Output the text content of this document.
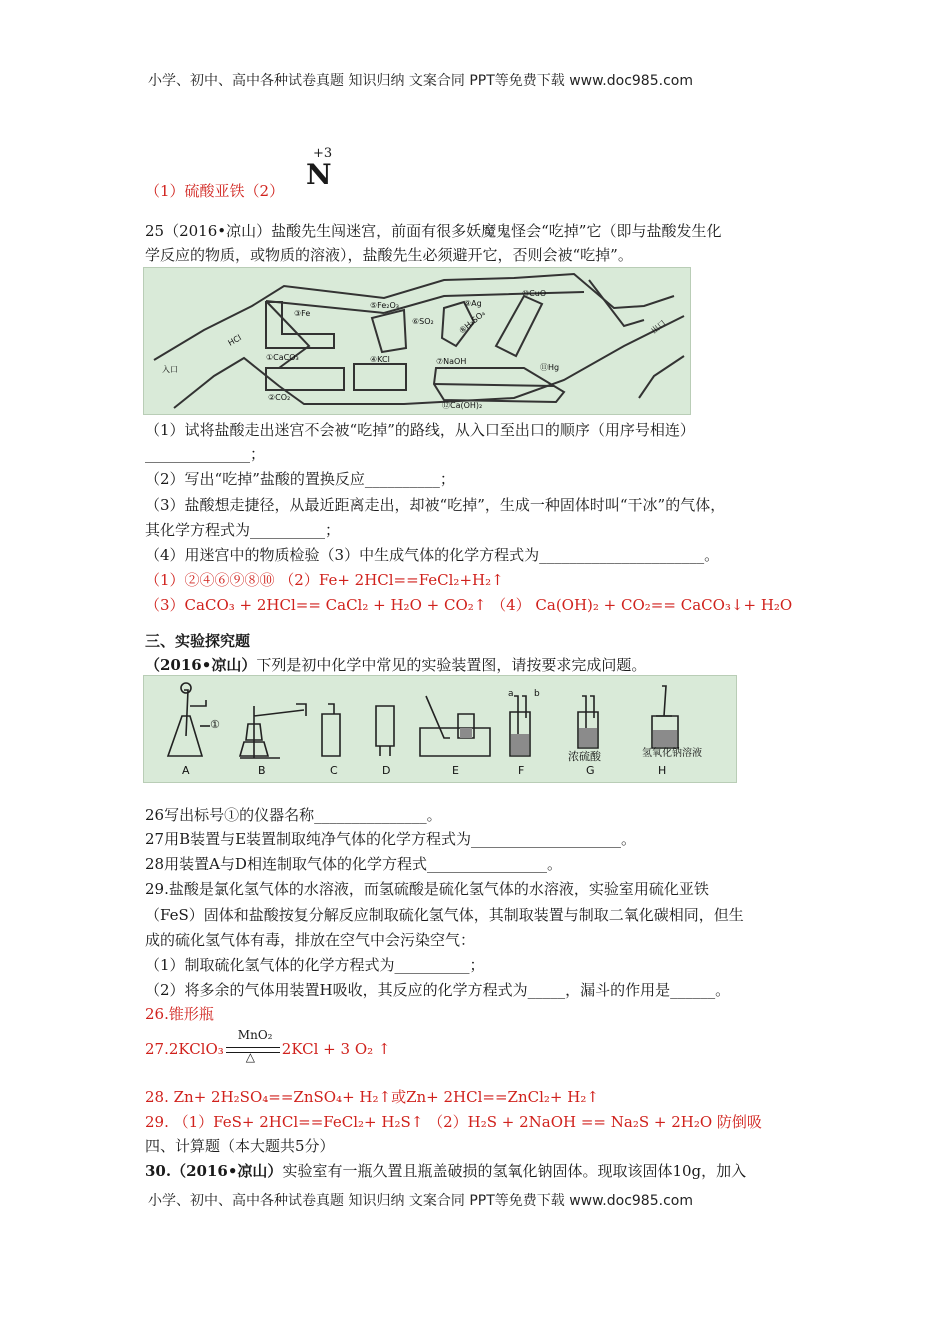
小学、初中、高中各种试卷真题 知识归纳 文案合同 PPT等免费下载 www.doc985.com
（1）硫酸亚铁（2）
+3
N
25（2016•凉山）盐酸先生闯迷宫，前面有很多妖魔鬼怪会“吃掉”它（即与盐酸发生化
学反应的物质，或物质的溶液），盐酸先生必须避开它，否则会被“吃掉”。
入口
出口
HCl
③Fe
⑤Fe₂O₃	⑨Ag
⑩CuO
⑥SO₂	⑧H₂SO₄
①CaCO₃	④KCl	⑦NaOH
⑪Hg
②CO₂
⑫Ca(OH)₂
（1）试将盐酸走出迷宫不会被“吃掉”的路线，从入口至出口的顺序（用序号相连）
______________；
（2）写出“吃掉”盐酸的置换反应__________；
（3）盐酸想走捷径，从最近距离走出，却被“吃掉”，生成一种固体时叫“干冰”的气体，
其化学方程式为__________；
（4）用迷宫中的物质检验（3）中生成气体的化学方程式为______________________。
（1）②④⑥⑨⑧⑩ （2）Fe+ 2HCl==FeCl₂+H₂↑
（3）CaCO₃ + 2HCl== CaCl₂ + H₂O + CO₂↑ （4） Ca(OH)₂ + CO₂== CaCO₃↓+ H₂O
三、实验探究题
（2016•凉山）下列是初中化学中常见的实验装置图，请按要求完成问题。
①
a b
浓硫酸	氢氧化钠溶液
A	B	C	D	E	F	G	H
26写出标号①的仪器名称_______________。
27用B装置与E装置制取纯净气体的化学方程式为____________________。
28用装置A与D相连制取气体的化学方程式________________。
29.盐酸是氯化氢气体的水溶液，而氢硫酸是硫化氢气体的水溶液，实验室用硫化亚铁
（FeS）固体和盐酸按复分解反应制取硫化氢气体，其制取装置与制取二氧化碳相同，但生
成的硫化氢气体有毒，排放在空气中会污染空气：
（1）制取硫化氢气体的化学方程式为__________；
（2）将多余的气体用装置H吸收，其反应的化学方程式为_____，漏斗的作用是______。
26.锥形瓶
27.2KClO₃
MnO₂
△ 2KCl + 3 O₂ ↑
28. Zn+ 2H₂SO₄==ZnSO₄+ H₂↑或Zn+ 2HCl==ZnCl₂+ H₂↑
29. （1）FeS+ 2HCl==FeCl₂+ H₂S↑ （2）H₂S + 2NaOH == Na₂S + 2H₂O 防倒吸
四、计算题（本大题共5分）
30.（2016•凉山）实验室有一瓶久置且瓶盖破损的氢氧化钠固体。现取该固体10g，加入
小学、初中、高中各种试卷真题 知识归纳 文案合同 PPT等免费下载 www.doc985.com
